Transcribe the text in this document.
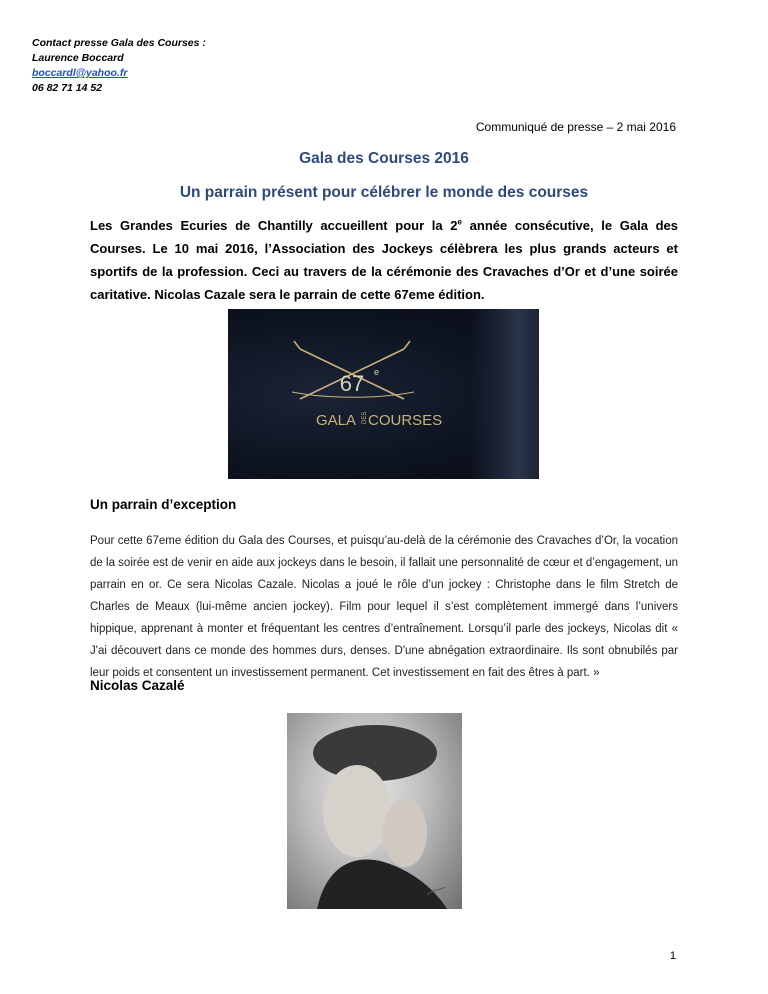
Contact presse Gala des Courses :
Laurence Boccard
boccardl@yahoo.fr
06 82 71 14 52
Communiqué de presse – 2 mai 2016
Gala des Courses 2016
Un parrain présent pour célébrer le monde des courses
Les Grandes Ecuries de Chantilly accueillent pour la 2e année consécutive, le Gala des Courses. Le 10 mai 2016, l’Association des Jockeys célèbrera les plus grands acteurs et sportifs de la profession. Ceci au travers de la cérémonie des Cravaches d’Or et d’une soirée caritative. Nicolas Cazale sera le parrain de cette 67eme édition.
67 e
GALA DES COURSES
Un parrain d’exception
Pour cette 67eme édition du Gala des Courses, et puisqu’au-delà de la cérémonie des Cravaches d’Or, la vocation de la soirée est de venir en aide aux jockeys dans le besoin, il fallait une personnalité de cœur et d’engagement, un parrain en or. Ce sera Nicolas Cazale. Nicolas a joué le rôle d’un jockey : Christophe dans le film Stretch de Charles de Meaux (lui-même ancien jockey). Film pour lequel il s’est complètement immergé dans l’univers hippique, apprenant à monter et fréquentant les centres d’entraînement. Lorsqu’il parle des jockeys, Nicolas dit « J'ai découvert dans ce monde des hommes durs, denses. D'une abnégation extraordinaire. Ils sont obnubilés par leur poids et consentent un investissement permanent. Cet investissement en fait des êtres à part. »
Nicolas Cazalé
1
